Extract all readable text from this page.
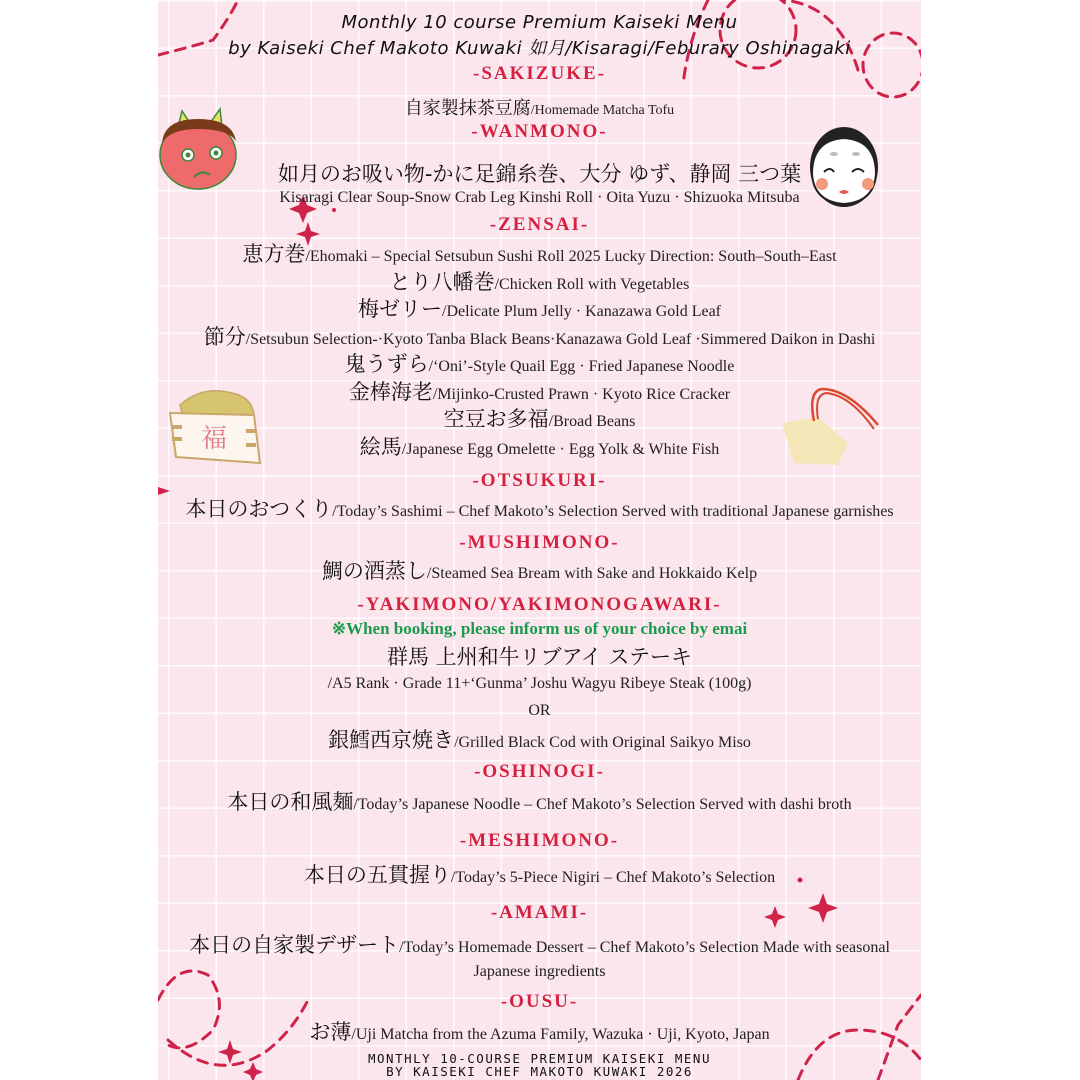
福
Monthly 10 course Premium Kaiseki Menu
by Kaiseki Chef Makoto Kuwaki 如月/Kisaragi/Feburary Oshinagaki
-SAKIZUKE-
自家製抹茶豆腐/Homemade Matcha Tofu
-WANMONO-
如月のお吸い物-かに足錦糸巻、大分 ゆず、静岡 三つ葉
Kisaragi Clear Soup-Snow Crab Leg Kinshi Roll · Oita Yuzu · Shizuoka Mitsuba
-ZENSAI-
恵方巻/Ehomaki – Special Setsubun Sushi Roll 2025 Lucky Direction: South–South–East
とり八幡巻/Chicken Roll with Vegetables
梅ゼリー/Delicate Plum Jelly · Kanazawa Gold Leaf
節分/Setsubun Selection-·Kyoto Tanba Black Beans·Kanazawa Gold Leaf ·Simmered Daikon in Dashi
鬼うずら/‘Oni’-Style Quail Egg · Fried Japanese Noodle
金棒海老/Mijinko-Crusted Prawn · Kyoto Rice Cracker
空豆お多福/Broad Beans
絵馬/Japanese Egg Omelette · Egg Yolk & White Fish
-OTSUKURI-
本日のおつくり/Today’s Sashimi – Chef Makoto’s Selection Served with traditional Japanese garnishes
-MUSHIMONO-
鯛の酒蒸し/Steamed Sea Bream with Sake and Hokkaido Kelp
-YAKIMONO/YAKIMONOGAWARI-
※When booking, please inform us of your choice by emai
群馬 上州和牛リブアイ ステーキ
/A5 Rank · Grade 11+‘Gunma’ Joshu Wagyu Ribeye Steak (100g)
OR
銀鱈西京焼き/Grilled Black Cod with Original Saikyo Miso
-OSHINOGI-
本日の和風麺/Today’s Japanese Noodle – Chef Makoto’s Selection Served with dashi broth
-MESHIMONO-
本日の五貫握り/Today’s 5-Piece Nigiri – Chef Makoto’s Selection
-AMAMI-
本日の自家製デザート/Today’s Homemade Dessert – Chef Makoto’s Selection Made with seasonal
Japanese ingredients
-OUSU-
お薄/Uji Matcha from the Azuma Family, Wazuka · Uji, Kyoto, Japan
MONTHLY 10-COURSE PREMIUM KAISEKI MENU
BY KAISEKI CHEF MAKOTO KUWAKI 2026
